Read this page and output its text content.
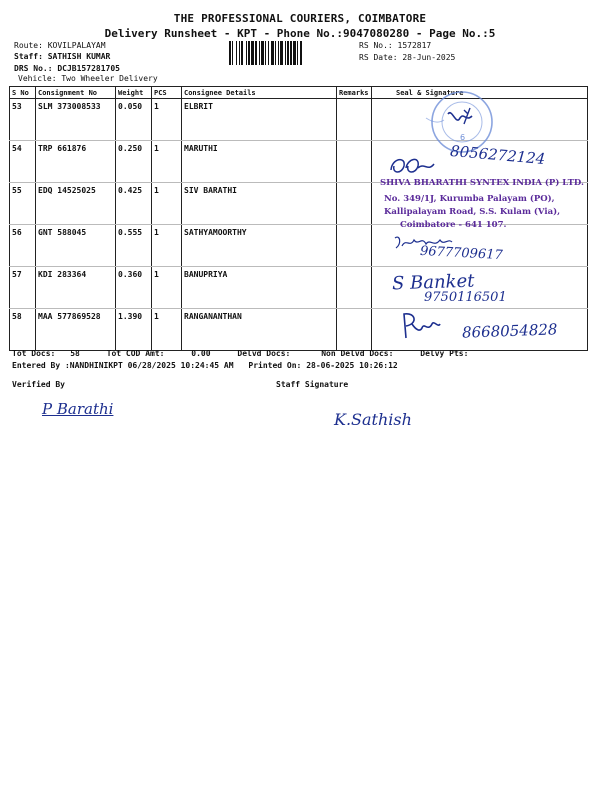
THE PROFESSIONAL COURIERS, COIMBATORE
Delivery Runsheet - KPT - Phone No.:9047080280 - Page No.:5
Route: KOVILPALAYAM
Staff: SATHISH KUMAR
DRS No.: DCJB157281705
Vehicle: Two Wheeler Delivery
RS No.: 1572817
RS Date: 28-Jun-2025
S No	Consignment No	Weight	PCS	Consignee Details	Remarks	Seal & Signature
53	SLM 373008533	0.050	1	ELBRIT		
54	TRP 661876	0.250	1	MARUTHI		
55	EDQ 14525025	0.425	1	SIV BARATHI		
56	GNT 588045	0.555	1	SATHYAMOORTHY		
57	KDI 283364	0.360	1	BANUPRIYA		
58	MAA 577869528	1.390	1	RANGANANTHAN		
Tot Docs: 58	Tot COD Amt:	0.00	Delvd Docs:	Non Delvd Docs:	Delvy Pts:
Entered By :NANDHINIKPT 06/28/2025 10:24:45 AM Printed On: 28-06-2025 10:26:12
Verified By	Staff Signature
6
8056272124
SHIVA BHARATHI SYNTEX INDIA (P) LTD.
No. 349/1J, Kurumba Palayam (PO),
Kallipalayam Road, S.S. Kulam (Via),
Coimbatore - 641 107.
9677709617
S Banket
9750116501
8668054828
P Barathi
K.Sathish
